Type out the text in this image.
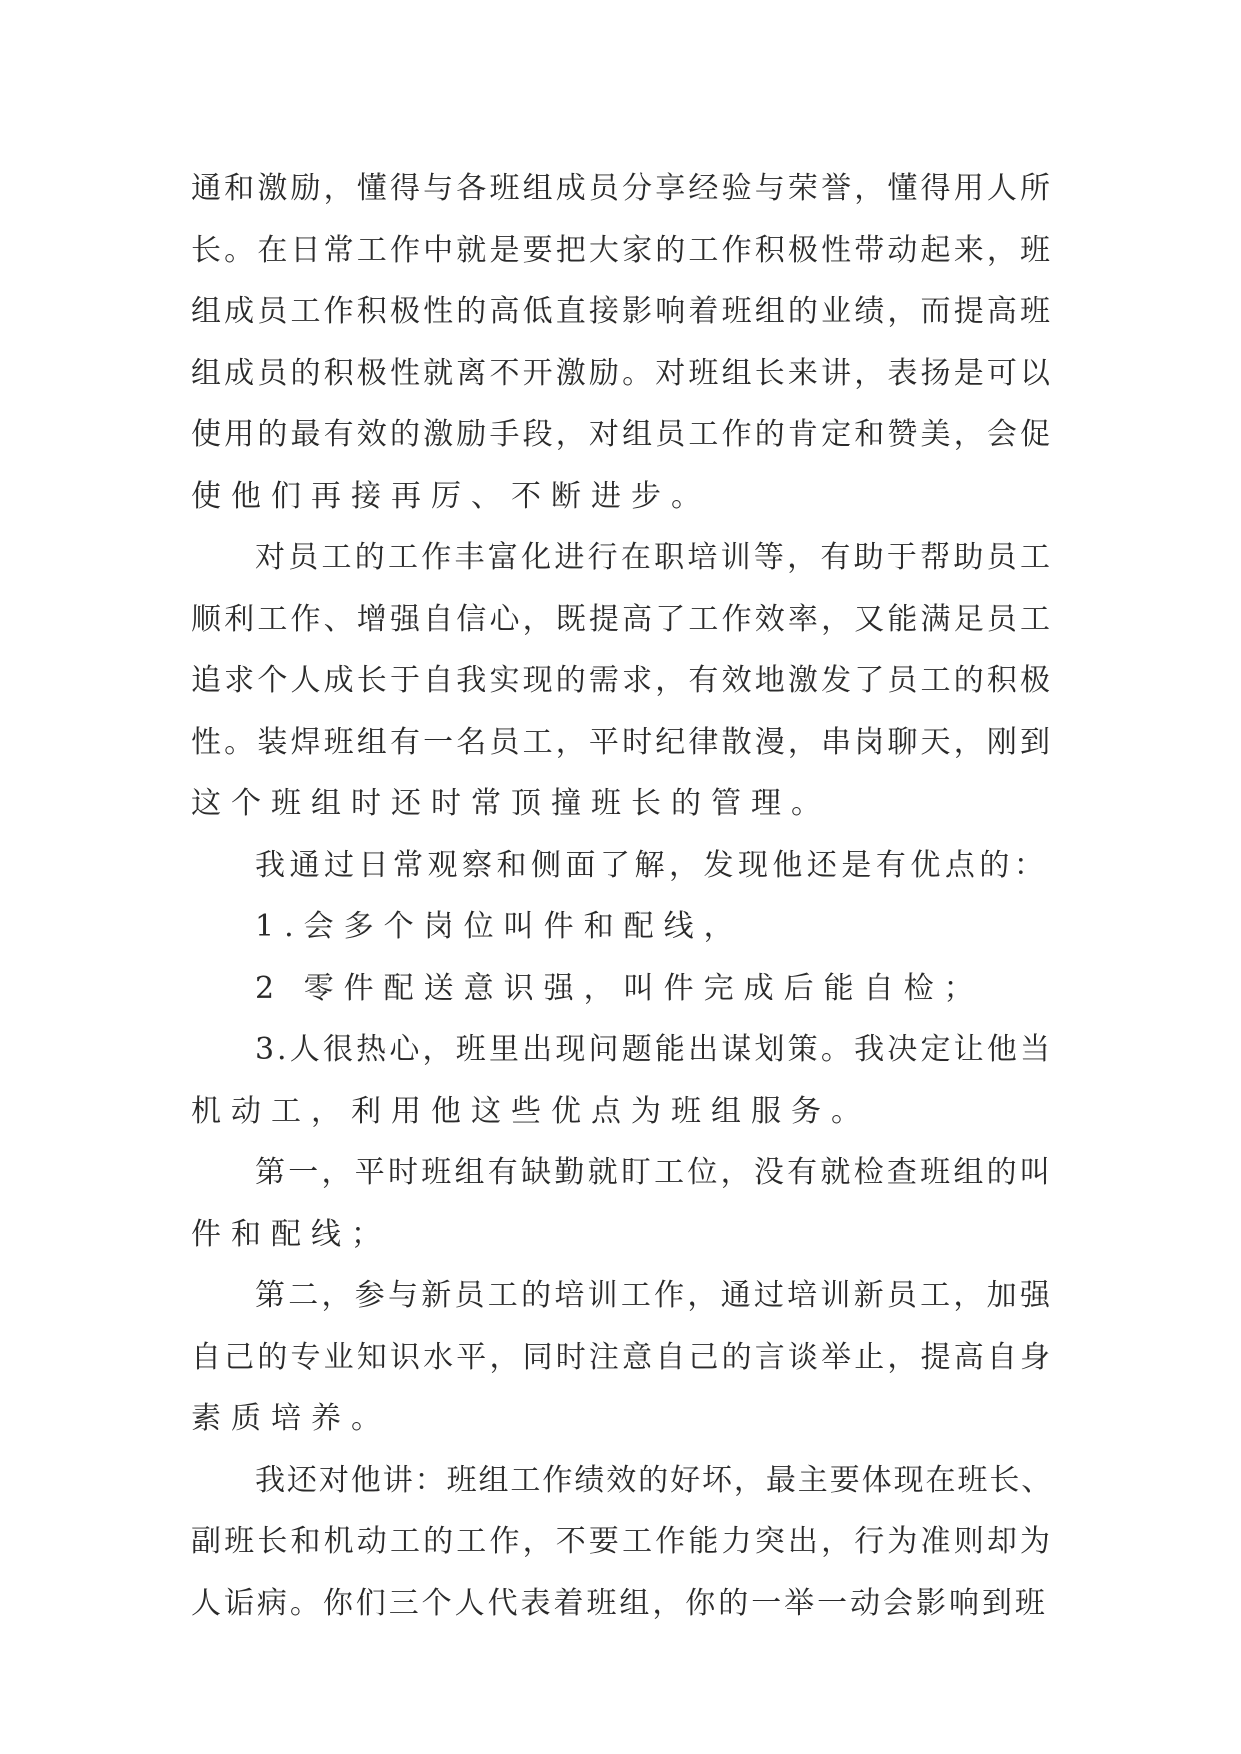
通和激励，懂得与各班组成员分享经验与荣誉，懂得用人所
长。在日常工作中就是要把大家的工作积极性带动起来，班
组成员工作积极性的高低直接影响着班组的业绩，而提高班
组成员的积极性就离不开激励。对班组长来讲，表扬是可以
使用的最有效的激励手段，对组员工作的肯定和赞美，会促
使他们再接再厉、不断进步。
对员工的工作丰富化进行在职培训等，有助于帮助员工
顺利工作、增强自信心，既提高了工作效率，又能满足员工
追求个人成长于自我实现的需求，有效地激发了员工的积极
性。装焊班组有一名员工，平时纪律散漫，串岗聊天，刚到
这个班组时还时常顶撞班长的管理。
我通过日常观察和侧面了解，发现他还是有优点的：
1.会多个岗位叫件和配线，
2 零件配送意识强，叫件完成后能自检；
3.人很热心，班里出现问题能出谋划策。我决定让他当
机动工，利用他这些优点为班组服务。
第一，平时班组有缺勤就盯工位，没有就检查班组的叫
件和配线；
第二，参与新员工的培训工作，通过培训新员工，加强
自己的专业知识水平，同时注意自己的言谈举止，提高自身
素质培养。
我还对他讲：班组工作绩效的好坏，最主要体现在班长、
副班长和机动工的工作，不要工作能力突出，行为准则却为
人诟病。你们三个人代表着班组，你的一举一动会影响到班
